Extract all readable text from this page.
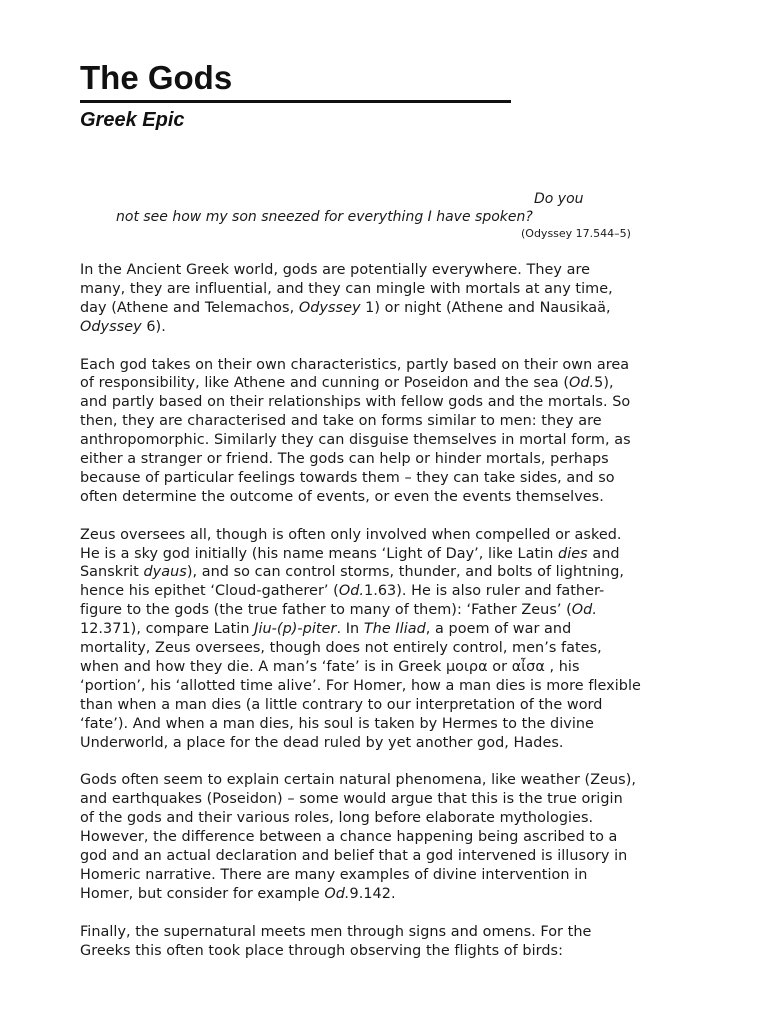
The Gods
Greek Epic

Do you

not see how my son sneezed for everything I have spoken?

(Odyssey 17.544–5)

In the Ancient Greek world, gods are potentially everywhere. They are
many, they are influential, and they can mingle with mortals at any time,
day (Athene and Telemachos, Odyssey 1) or night (Athene and Nausikaä,
Odyssey 6).

Each god takes on their own characteristics, partly based on their own area
of responsibility, like Athene and cunning or Poseidon and the sea (Od.5),
and partly based on their relationships with fellow gods and the mortals. So
then, they are characterised and take on forms similar to men: they are
anthropomorphic. Similarly they can disguise themselves in mortal form, as
either a stranger or friend. The gods can help or hinder mortals, perhaps
because of particular feelings towards them – they can take sides, and so
often determine the outcome of events, or even the events themselves.

Zeus oversees all, though is often only involved when compelled or asked.
He is a sky god initially (his name means ‘Light of Day’, like Latin dies and
Sanskrit dyaus), and so can control storms, thunder, and bolts of lightning,
hence his epithet ‘Cloud-gatherer’ (Od.1.63). He is also ruler and father-
figure to the gods (the true father to many of them): ‘Father Zeus’ (Od.
12.371), compare Latin Jiu-(p)-piter. In The Iliad, a poem of war and
mortality, Zeus oversees, though does not entirely control, men’s fates,
when and how they die. A man’s ‘fate’ is in Greek μοιρα or αἶσα , his
‘portion’, his ‘allotted time alive’. For Homer, how a man dies is more flexible
than when a man dies (a little contrary to our interpretation of the word
‘fate’). And when a man dies, his soul is taken by Hermes to the divine
Underworld, a place for the dead ruled by yet another god, Hades.

Gods often seem to explain certain natural phenomena, like weather (Zeus),
and earthquakes (Poseidon) – some would argue that this is the true origin
of the gods and their various roles, long before elaborate mythologies.
However, the difference between a chance happening being ascribed to a
god and an actual declaration and belief that a god intervened is illusory in
Homeric narrative. There are many examples of divine intervention in
Homer, but consider for example Od.9.142.

Finally, the supernatural meets men through signs and omens. For the
Greeks this often took place through observing the flights of birds:
